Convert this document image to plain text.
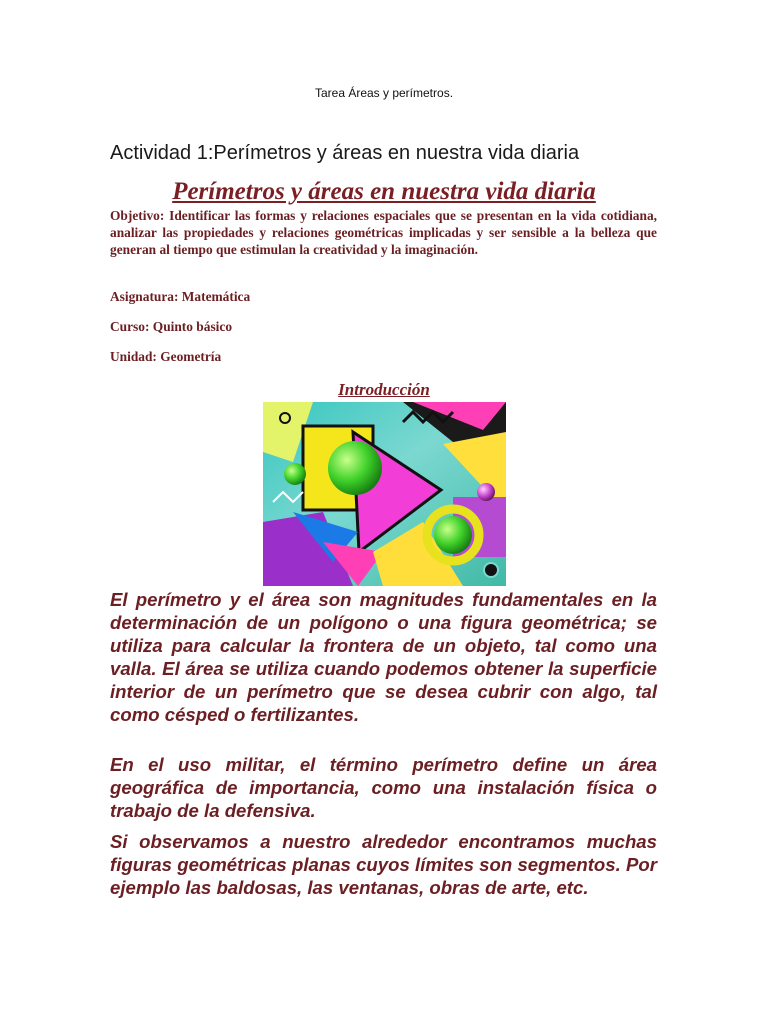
Tarea Áreas y perímetros.
Actividad 1:Perímetros y áreas en nuestra vida diaria
Perímetros y áreas en nuestra vida diaria

Objetivo: Identificar las formas y relaciones espaciales que se presentan en la vida cotidiana, analizar las propiedades y relaciones geométricas implicadas y ser sensible a la belleza que generan al tiempo que estimulan la creatividad y la imaginación.

Asignatura: Matemática
Curso: Quinto básico
Unidad: Geometría
Introducción

El perímetro y el área son magnitudes fundamentales en la determinación de un polígono o una figura geométrica; se utiliza para calcular la frontera de un objeto, tal como una valla. El área se utiliza cuando podemos obtener la superficie interior de un perímetro que se desea cubrir con algo, tal como césped o fertilizantes.

En el uso militar, el término perímetro define un área geográfica de importancia, como una instalación física o trabajo de la defensiva.

Si observamos a nuestro alrededor encontramos muchas figuras geométricas planas cuyos límites son segmentos. Por ejemplo las baldosas, las ventanas, obras de arte, etc.
